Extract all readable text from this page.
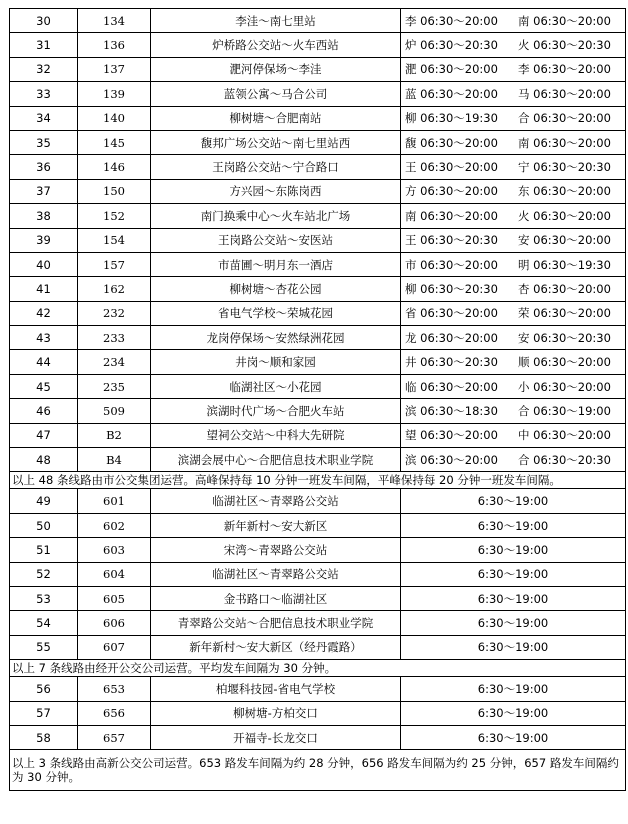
30	134	李洼～南七里站	李 06:30～20:00 南 06:30～20:00
31	136	炉桥路公交站～火车西站	炉 06:30～20:30 火 06:30～20:30
32	137	淝河停保场～李洼	淝 06:30～20:00 李 06:30～20:00
33	139	蓝领公寓～马合公司	蓝 06:30～20:00 马 06:30～20:00
34	140	柳树塘～合肥南站	柳 06:30～19:30 合 06:30～20:00
35	145	馥邦广场公交站～南七里站西	馥 06:30～20:00 南 06:30～20:00
36	146	王岗路公交站～宁合路口	王 06:30～20:00 宁 06:30～20:30
37	150	方兴园～东陈岗西	方 06:30～20:00 东 06:30～20:00
38	152	南门换乘中心～火车站北广场	南 06:30～20:00 火 06:30～20:00
39	154	王岗路公交站～安医站	王 06:30～20:30 安 06:30～20:00
40	157	市苗圃～明月东一酒店	市 06:30～20:00 明 06:30～19:30
41	162	柳树塘～杏花公园	柳 06:30～20:30 杏 06:30～20:00
42	232	省电气学校～荣城花园	省 06:30～20:00 荣 06:30～20:00
43	233	龙岗停保场～安然绿洲花园	龙 06:30～20:00 安 06:30～20:30
44	234	井岗～顺和家园	井 06:30～20:30 顺 06:30～20:00
45	235	临湖社区～小花园	临 06:30～20:00 小 06:30～20:00
46	509	滨湖时代广场～合肥火车站	滨 06:30～18:30 合 06:30～19:00
47	B2	望祠公交站～中科大先研院	望 06:30～20:00 中 06:30～20:00
48	B4	滨湖会展中心～合肥信息技术职业学院	滨 06:30～20:00 合 06:30～20:30
以上 48 条线路由市公交集团运营。高峰保持每 10 分钟一班发车间隔，平峰保持每 20 分钟一班发车间隔。			
49	601	临湖社区～青翠路公交站	6:30～19:00
50	602	新年新村～安大新区	6:30～19:00
51	603	宋湾～青翠路公交站	6:30～19:00
52	604	临湖社区～青翠路公交站	6:30～19:00
53	605	金书路口～临湖社区	6:30～19:00
54	606	青翠路公交站～合肥信息技术职业学院	6:30～19:00
55	607	新年新村～安大新区（经丹霞路）	6:30～19:00
以上 7 条线路由经开公交公司运营。平均发车间隔为 30 分钟。			
56	653	柏堰科技园-省电气学校	6:30～19:00
57	656	柳树塘-方柏交口	6:30～19:00
58	657	开福寺-长龙交口	6:30～19:00
以上 3 条线路由高新公交公司运营。653 路发车间隔为约 28 分钟，656 路发车间隔为约 25 分钟，657 路发车间隔约为 30 分钟。			
